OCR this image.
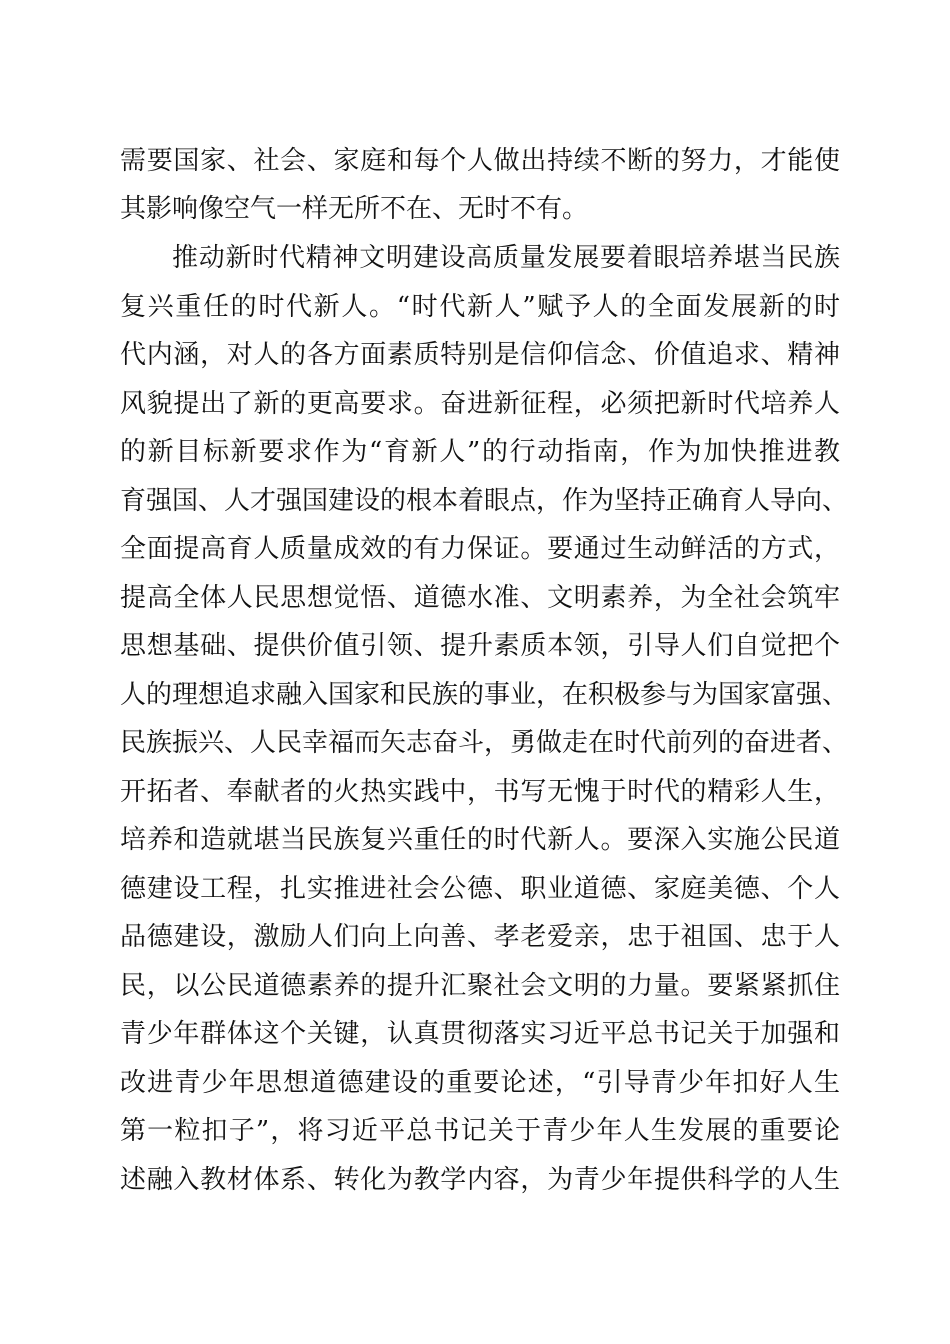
需要国家、社会、家庭和每个人做出持续不断的努力，才能使
其影响像空气一样无所不在、无时不有。
推动新时代精神文明建设高质量发展要着眼培养堪当民族
复兴重任的时代新人。“时代新人”赋予人的全面发展新的时
代内涵，对人的各方面素质特别是信仰信念、价值追求、精神
风貌提出了新的更高要求。奋进新征程，必须把新时代培养人
的新目标新要求作为“育新人”的行动指南，作为加快推进教
育强国、人才强国建设的根本着眼点，作为坚持正确育人导向、
全面提高育人质量成效的有力保证。要通过生动鲜活的方式，
提高全体人民思想觉悟、道德水准、文明素养，为全社会筑牢
思想基础、提供价值引领、提升素质本领，引导人们自觉把个
人的理想追求融入国家和民族的事业，在积极参与为国家富强、
民族振兴、人民幸福而矢志奋斗，勇做走在时代前列的奋进者、
开拓者、奉献者的火热实践中，书写无愧于时代的精彩人生，
培养和造就堪当民族复兴重任的时代新人。要深入实施公民道
德建设工程，扎实推进社会公德、职业道德、家庭美德、个人
品德建设，激励人们向上向善、孝老爱亲，忠于祖国、忠于人
民，以公民道德素养的提升汇聚社会文明的力量。要紧紧抓住
青少年群体这个关键，认真贯彻落实习近平总书记关于加强和
改进青少年思想道德建设的重要论述，“引导青少年扣好人生
第一粒扣子”，将习近平总书记关于青少年人生发展的重要论
述融入教材体系、转化为教学内容，为青少年提供科学的人生
